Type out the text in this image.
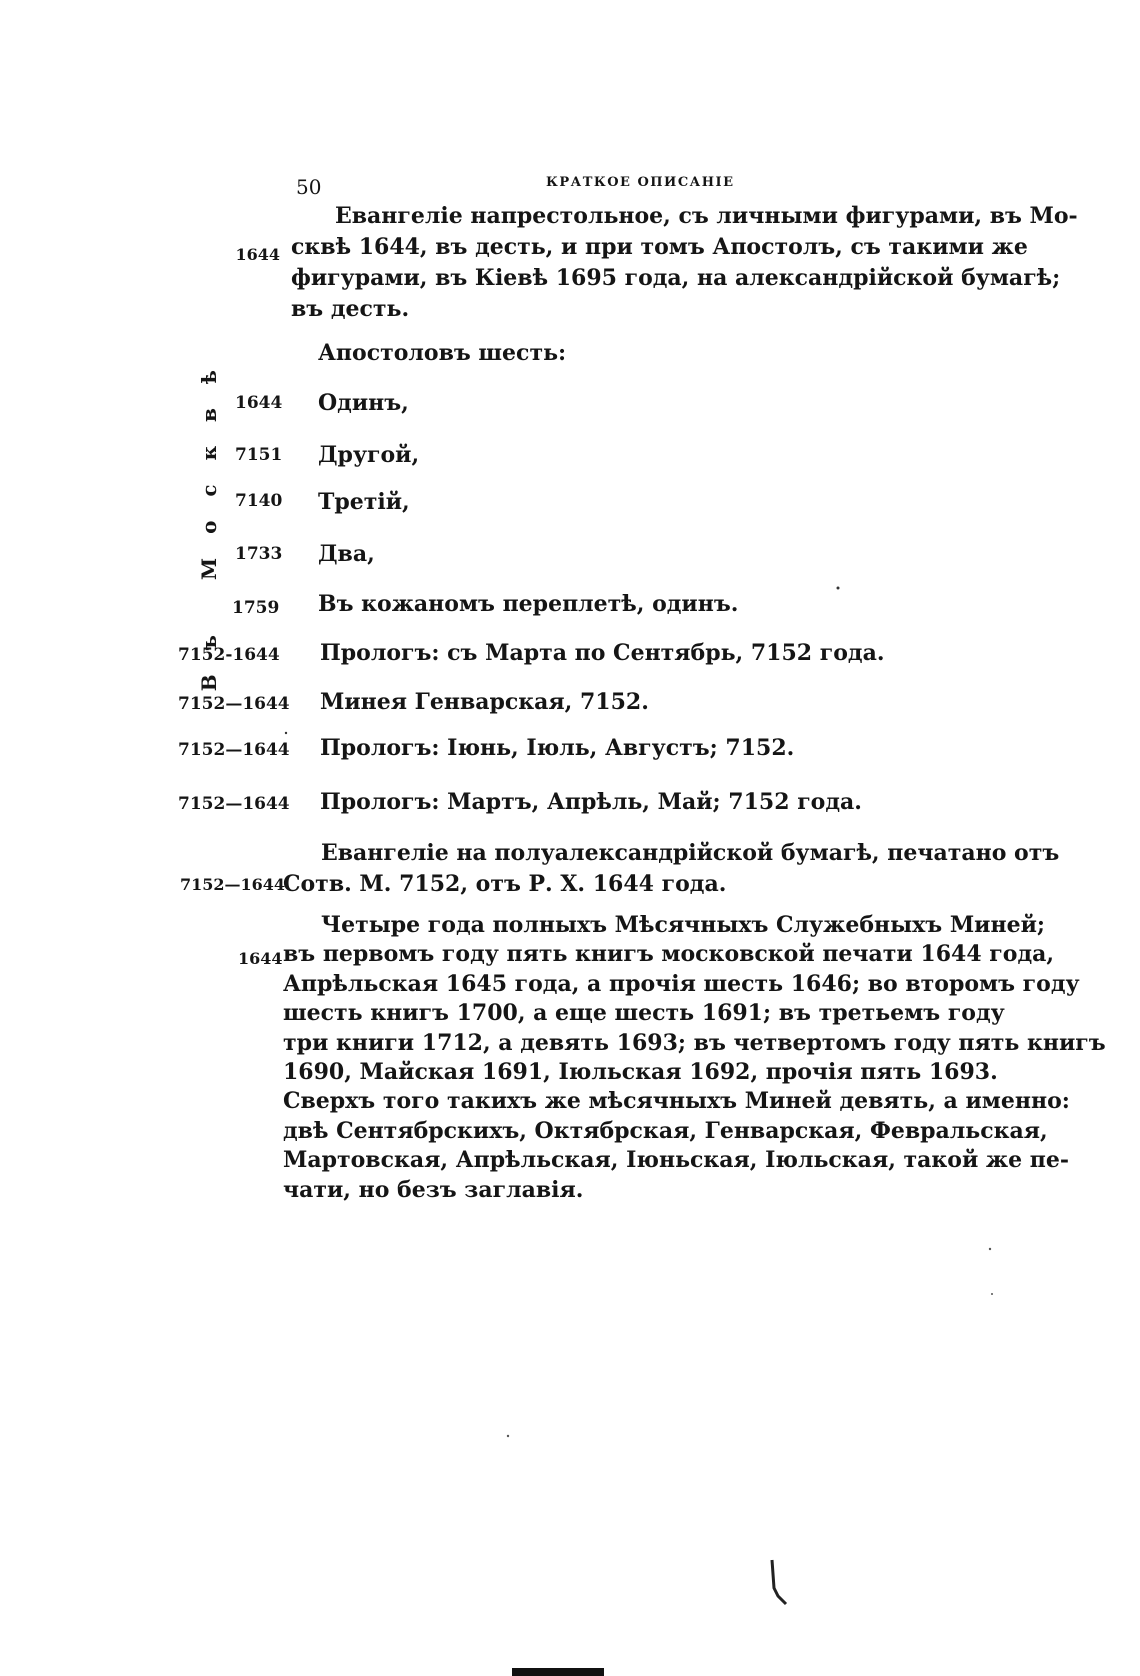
50	КРАТКОЕ ОПИСАНІЕ
1644
Евангеліе напрестольное, съ личными фигурами, въ Мо-
сквѣ 1644, въ десть, и при томъ Апостолъ, съ такими же
фигурами, въ Кіевѣ 1695 года, на александрійской бумагѣ;
въ десть.
Въ Москвѣ	Апостоловъ шесть:
1644 Одинъ,
7151 Другой,
7140 Третій,
1733 Два,
1759 Въ кожаномъ переплетѣ, одинъ.
7152-1644 Прологъ: съ Марта по Сентябрь, 7152 года.
7152—1644 Минея Генварская, 7152.
7152—1644 Прологъ: Іюнь, Іюль, Августъ; 7152.
7152—1644 Прологъ: Мартъ, Апрѣль, Май; 7152 года.
7152—1644
Евангеліе на полуалександрійской бумагѣ, печатано отъ
Сотв. М. 7152, отъ Р. Х. 1644 года.
1644
Четыре года полныхъ Мѣсячныхъ Служебныхъ Миней;
въ первомъ году пять книгъ московской печати 1644 года,
Апрѣльская 1645 года, а прочія шесть 1646; во второмъ году
шесть книгъ 1700, а еще шесть 1691; въ третьемъ году
три книги 1712, а девять 1693; въ четвертомъ году пять книгъ
1690, Майская 1691, Іюльская 1692, прочія пять 1693.
Сверхъ того такихъ же мѣсячныхъ Миней девять, а именно:
двѣ Сентябрскихъ, Октябрская, Генварская, Февральская,
Мартовская, Апрѣльская, Іюньская, Іюльская, такой же пе-
чати, но безъ заглавія.
